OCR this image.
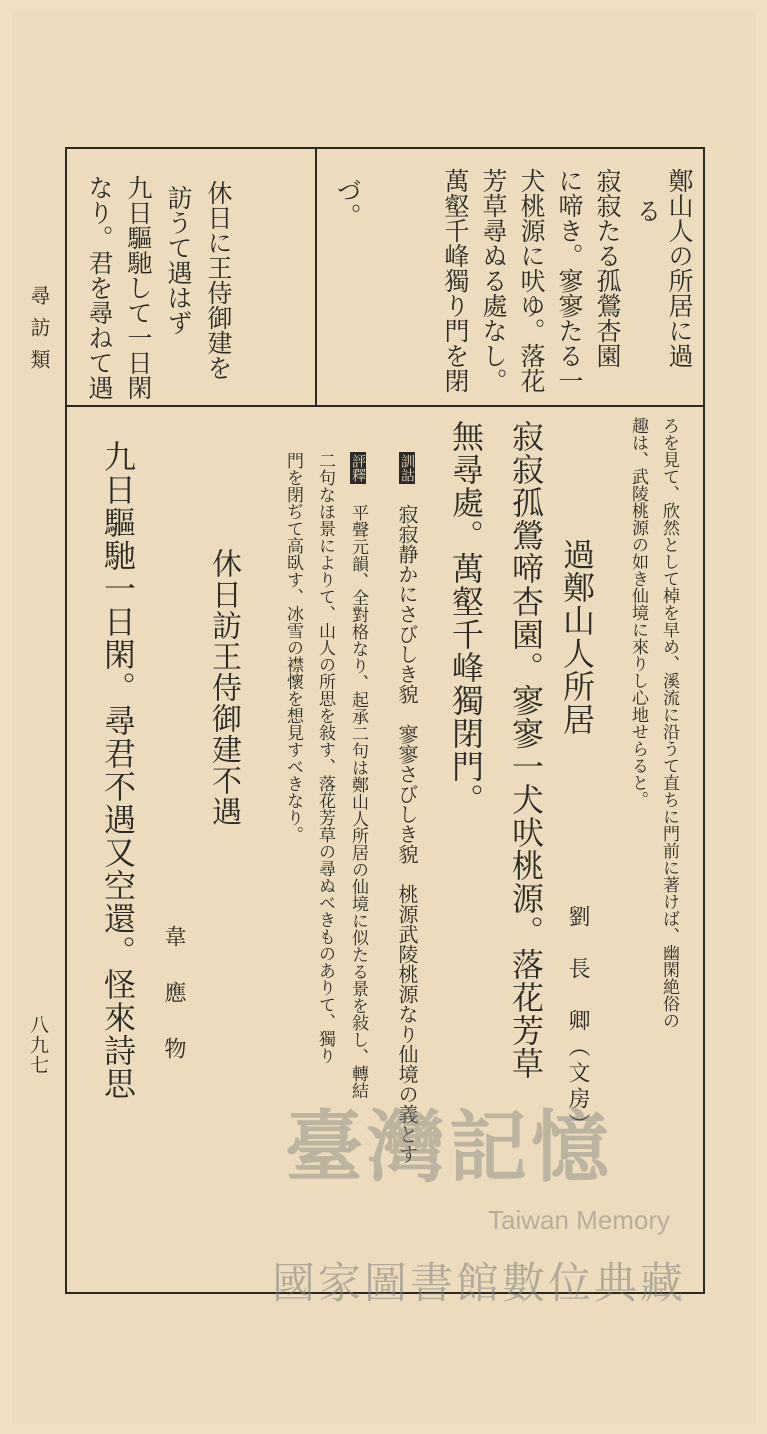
尋訪類
八九七
鄭山人の所居に過
る
寂寂たる孤鶯杏園
に啼き。寥寥たる一
犬桃源に吠ゆ。落花
芳草尋ぬる處なし。
萬壑千峰獨り門を閉
づ。
休日に王侍御建を
訪うて遇はず
九日驅馳して一日閑
なり。君を尋ねて遇
ろを見て、欣然として棹を早め、溪流に沿うて直ちに門前に著けば、幽閑絶俗の
趣は、武陵桃源の如き仙境に來りし心地せらると。
過鄭山人所居
劉　長　卿（文房）
寂寂孤鶯啼杏園。寥寥一犬吠桃源。落花芳草
無尋處。萬壑千峰獨閉門。
訓詁 寂寂静かにさびしき貌　寥寥さびしき貌　桃源武陵桃源なり仙境の義とす
評釋 平聲元韻、全對格なり、起承二句は鄭山人所居の仙境に似たる景を敍し、轉結
二句なほ景によりて、山人の所思を敍す、落花芳草の尋ぬべきものありて、獨り
門を閉ぢて高臥す、冰雪の襟懷を想見すべきなり。
休日訪王侍御建不遇
韋　應　物
九日驅馳一日閑。尋君不遇又空還。怪來詩思
臺灣記憶
Taiwan Memory
國家圖書館數位典藏
